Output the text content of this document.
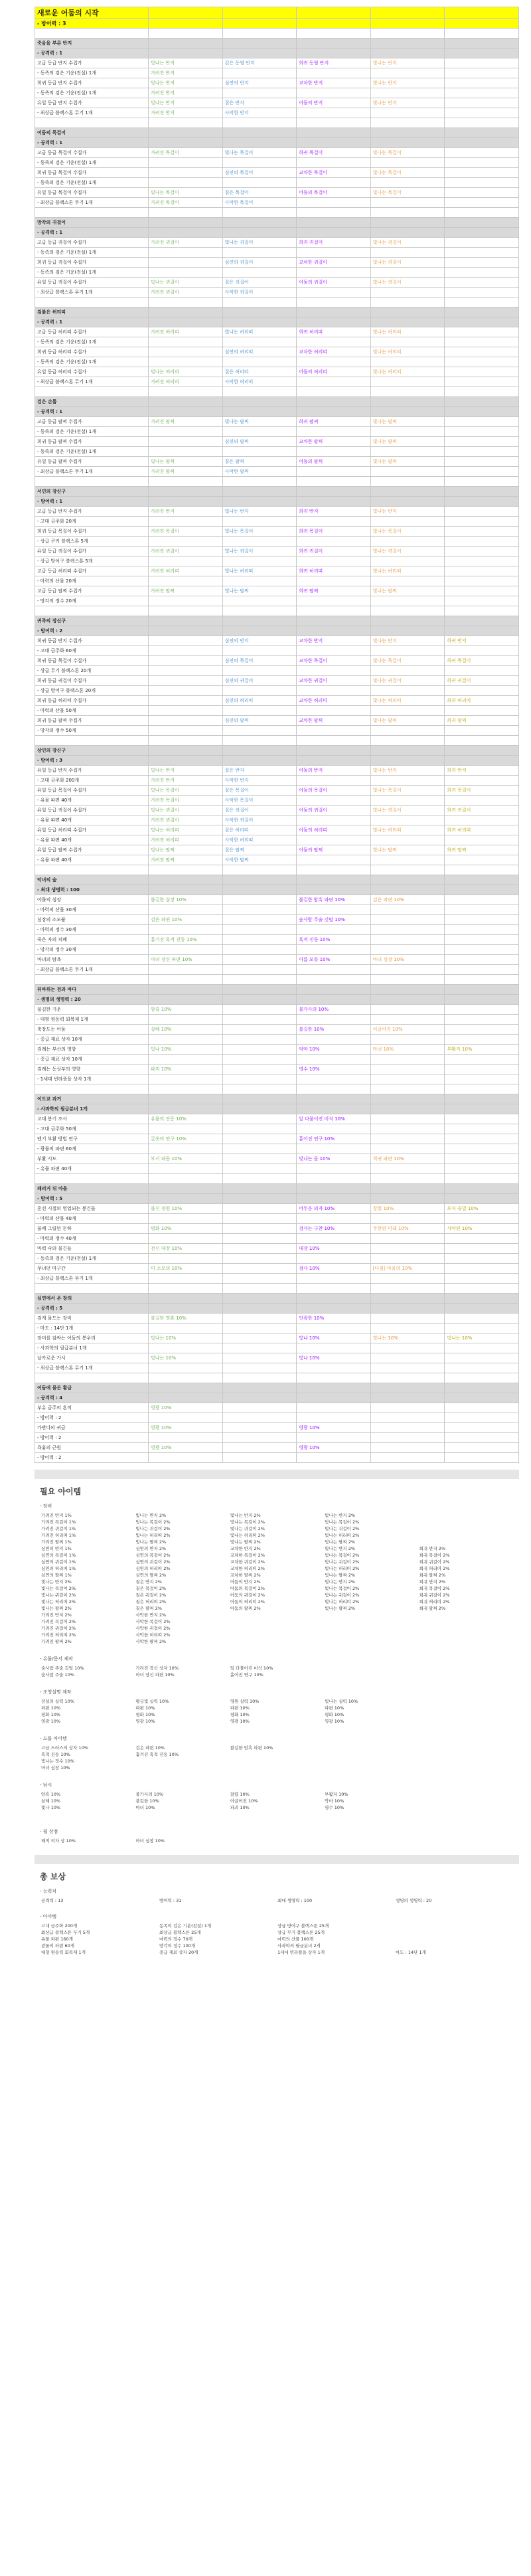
새로운 어둠의 시작					
- 방어력 : 3					

죽음을 부른 반지					
- 공격력 : 1					
고급 등급 반지 수집가	빛나는 반지	깊은 동혈 반지	희귀 동혈 반지	빛나는 반지	
- 동족의 검은 기운(전설) 1개	가려진 반지				
희귀 등급 반지 수집가	빛나는 반지	심연의 반지	교차한 반지	빛나는 반지	
- 동족의 검은 기운(전설) 1개	가려진 반지				
유일 등급 반지 수집가	빛나는 반지	짙은 반지	어둠의 반지	빛나는 반지	
- 최상급 블랙스톤 무기 1개	가려진 반지	사악한 반지			

어둠의 목걸이					
- 공격력 : 1					
고급 등급 목걸이 수집가	가려진 목걸이	빛나는 목걸이	희귀 목걸이	빛나는 목걸이	
- 동족의 검은 기운(전설) 1개					
희귀 등급 목걸이 수집가		심연의 목걸이	교차한 목걸이	빛나는 목걸이	
- 동족의 검은 기운(전설) 1개					
유일 등급 목걸이 수집가	빛나는 목걸이	짙은 목걸이	어둠의 목걸이	빛나는 목걸이	
- 최상급 블랙스톤 무기 1개	가려진 목걸이	사악한 목걸이			

망각의 귀걸이					
- 공격력 : 1					
고급 등급 귀걸이 수집가	가려진 귀걸이	빛나는 귀걸이	희귀 귀걸이	빛나는 귀걸이	
- 동족의 검은 기운(전설) 1개					
희귀 등급 귀걸이 수집가		심연의 귀걸이	교차한 귀걸이	빛나는 귀걸이	
- 동족의 검은 기운(전설) 1개					
유일 등급 귀걸이 수집가	빛나는 귀걸이	짙은 귀걸이	어둠의 귀걸이	빛나는 귀걸이	
- 최상급 블랙스톤 무기 1개	가려진 귀걸이	사악한 귀걸이			

검붉은 허리띠					
- 공격력 : 1					
고급 등급 허리띠 수집가	가려진 허리띠	빛나는 허리띠	희귀 허리띠	빛나는 허리띠	
- 동족의 검은 기운(전설) 1개					
희귀 등급 허리띠 수집가		심연의 허리띠	교차한 허리띠	빛나는 허리띠	
- 동족의 검은 기운(전설) 1개					
유일 등급 허리띠 수집가	빛나는 허리띠	짙은 허리띠	어둠의 허리띠	빛나는 허리띠	
- 최상급 블랙스톤 무기 1개	가려진 허리띠	사악한 허리띠			

검은 손톱					
- 공격력 : 1					
고급 등급 팔찌 수집가	가려진 팔찌	빛나는 팔찌	희귀 팔찌	빛나는 팔찌	
- 동족의 검은 기운(전설) 1개					
희귀 등급 팔찌 수집가		심연의 팔찌	교차한 팔찌	빛나는 팔찌	
- 동족의 검은 기운(전설) 1개					
유일 등급 팔찌 수집가	빛나는 팔찌	짙은 팔찌	어둠의 팔찌	빛나는 팔찌	
- 최상급 블랙스톤 무기 1개	가려진 팔찌	사악한 팔찌			

서민의 장신구					
- 방어력 : 1					
고급 등급 반지 수집가	가려진 반지	빛나는 반지	희귀 반지	빛나는 반지	
- 고대 금주화 20개					
희귀 등급 목걸이 수집가	가려진 목걸이	빛나는 목걸이	희귀 목걸이	빛나는 목걸이	
- 상급 쿠키 블랙스톤 5개					
유일 등급 귀걸이 수집가	가려진 귀걸이	빛나는 귀걸이	희귀 귀걸이	빛나는 귀걸이	
- 상급 방어구 블랙스톤 5개					
고급 등급 허리띠 수집가	가려진 허리띠	빛나는 허리띠	희귀 허리띠	빛나는 허리띠	
- 마력의 산물 20개					
고급 등급 팔찌 수집가	가려진 팔찌	빛나는 팔찌	희귀 팔찌	빛나는 팔찌	
- 망각의 정수 20개					

귀족의 장신구					
- 방어력 : 2					
희귀 등급 반지 수집가		심연의 반지	교차한 반지	빛나는 반지	희귀 반지
- 고대 금주화 60개					
희귀 등급 목걸이 수집가		심연의 목걸이	교차한 목걸이	빛나는 목걸이	희귀 목걸이
- 상급 무기 블랙스톤 20개					
희귀 등급 귀걸이 수집가		심연의 귀걸이	교차한 귀걸이	빛나는 귀걸이	희귀 귀걸이
- 상급 방어구 블랙스톤 20개					
희귀 등급 허리띠 수집가		심연의 허리띠	교차한 허리띠	빛나는 허리띠	희귀 허리띠
- 마력의 산물 50개					
희귀 등급 팔찌 수집가		심연의 팔찌	교차한 팔찌	빛나는 팔찌	희귀 팔찌
- 망각의 정수 50개					

상인의 장신구					
- 방어력 : 3					
유일 등급 반지 수집가	빛나는 반지	짙은 반지	어둠의 반지	빛나는 반지	희귀 반지
- 고대 금주화 200개	가려진 반지	사악한 반지			
유일 등급 목걸이 수집가	빛나는 목걸이	짙은 목걸이	어둠의 목걸이	빛나는 목걸이	희귀 목걸이
- 유물 파편 40개	가려진 목걸이	사악한 목걸이			
유일 등급 귀걸이 수집가	빛나는 귀걸이	짙은 귀걸이	어둠의 귀걸이	빛나는 귀걸이	희귀 귀걸이
- 유물 파편 40개	가려진 귀걸이	사악한 귀걸이			
유일 등급 허리띠 수집가	빛나는 허리띠	짙은 허리띠	어둠의 허리띠	빛나는 허리띠	희귀 허리띠
- 유물 파편 40개	가려진 허리띠	사악한 허리띠			
유일 등급 팔찌 수집가	빛나는 팔찌	짙은 팔찌	어둠의 팔찌	빛나는 팔찌	희귀 팔찌
- 유물 파편 40개	가려진 팔찌	사악한 팔찌			

악녀의 숲					
- 최대 생명력 : 100					
야톨의 심장	불길한 심장 10%		불길한 암흑 파편 10%	검은 파편 10%	
- 마력의 산물 30개					
심장의 소모품	검은 파편 10%		숲사람 주술 깃털 10%		
- 마력의 정수 30개					
죽은 자의 피폐	흩겨진 혹적 진동 10%		혹적 진동 10%		
- 망각의 정수 30개					
마녀의 탐욕	마녀 장신 파편 10%		이름 모를 10%	마녀 심장 10%	
- 최상급 블랙스톤 무기 1개					

뒤바뀌는 검과 바다					
- 생명의 생명력 : 20					
불길한 기운	암흑 10%		불가사의 10%		
- 대형 원동력 회복제 1개					
축장도는 어둠	살해 10%		불길한 10%	이글어진 10%	
- 중급 재료 상자 10개					
검례는 부산의 영향	빛나 10%		악마 10%	마녀 10%	부활지 10%
- 중급 재료 상자 10개					
검례는 동상부의 영향	파괴 10%		영수 10%		
- 1세대 빈라플을 상자 1개					

이도교 과거					
- 사과학의 필급분녀 1개					
고대 봉기 조사	유물의 진동 10%		잎 다물어진 비석 10%		
- 고대 금주화 50개					
엔기 부활 방법 연구	굴옷의 연구 10%		흩어진 연구 10%		
- 광물의 파편 60개					
부활 시도	부서 파동 10%		빛나는 돌 10%	희귀 파편 10%	
- 유물 파편 40개					

패러거 뒤 마을					
- 방어력 : 5					
혼선 시절의 영업되는 봉긴들	불신 정원 10%		어두운 의자 10%	잘렸 10%	포식 골밀 10%
- 마력의 산물 40개					
불쾌 그릴된 돈하	평화 10%		검사는 구찬 10%	무한된 미래 10%	사악된 10%
- 마력의 정수 40개					
마력 숙의 불긴들	전신 대장 10%		대장 10%		
- 동족의 검은 기운(전설) 1개					
무녀던 마구간	미 소모의 10%		검사 10%	[다짐] 마음의 10%	
- 최상급 블랙스톤 무기 1개					

심연에서 온 장의					
- 공격력 : 5					
검게 물드는 장미	불길한 영혼 10%		인광한 10%		
- 마도 : 14단 1개					
장미를 감싸는 어둠의 봉우리	빛나는 10%		빛나 10%	빛나는 10%	빛나는 10%
- 사과학의 필급분녀 1개					
날카로운 가시	빛나는 10%		빛나 10%		
- 최상급 블랙스톤 무기 1개					

어둠에 물든 황금					
- 공격력 : 4					
부유 금주의 흔적	영광 10%				
- 방어력 : 2					
가반다의 귀금	영광 10%		영광 10%		
- 방어력 : 2					
욕흉의 근원	영광 10%		영광 10%		
- 방어력 : 2					
필요 아이템
- 장비
가려진 반지 1%	빛나는 반지 2%	빛나는 반지 2%	빛나는 반지 2%	
가려진 목걸이 1%	빛나는 목걸이 2%	빛나는 목걸이 2%	빛나는 목걸이 2%	
가려진 귀걸이 1%	빛나는 귀걸이 2%	빛나는 귀걸이 2%	빛나는 귀걸이 2%	
가려진 허리띠 1%	빛나는 허리띠 2%	빛나는 허리띠 2%	빛나는 허리띠 2%	
가려진 팔찌 1%	빛나는 팔찌 2%	빛나는 팔찌 2%	빛나는 팔찌 2%	
심연의 반지 1%	심연의 반지 2%	교차한 반지 2%	빛나는 반지 2%	희귀 반지 2%
심연의 목걸이 1%	심연의 목걸이 2%	교차한 목걸이 2%	빛나는 목걸이 2%	희귀 목걸이 2%
심연의 귀걸이 1%	심연의 귀걸이 2%	교차한 귀걸이 2%	빛나는 귀걸이 2%	희귀 귀걸이 2%
심연의 허리띠 1%	심연의 허리띠 2%	교차한 허리띠 2%	빛나는 허리띠 2%	희귀 허리띠 2%
심연의 팔찌 1%	심연의 팔찌 2%	교차한 팔찌 2%	빛나는 팔찌 2%	희귀 팔찌 2%
빛나는 반지 2%	짙은 반지 2%	어둠의 반지 2%	빛나는 반지 2%	희귀 반지 2%
빛나는 목걸이 2%	짙은 목걸이 2%	어둠의 목걸이 2%	빛나는 목걸이 2%	희귀 목걸이 2%
빛나는 귀걸이 2%	짙은 귀걸이 2%	어둠의 귀걸이 2%	빛나는 귀걸이 2%	희귀 귀걸이 2%
빛나는 허리띠 2%	짙은 허리띠 2%	어둠의 허리띠 2%	빛나는 허리띠 2%	희귀 허리띠 2%
빛나는 팔찌 2%	짙은 팔찌 2%	어둠의 팔찌 2%	빛나는 팔찌 2%	희귀 팔찌 2%
가려진 반지 2%	사악한 반지 2%			
가려진 목걸이 2%	사악한 목걸이 2%			
가려진 귀걸이 2%	사악한 귀걸이 2%			
가려진 허리띠 2%	사악한 허리띠 2%			
가려진 팔찌 2%	사악한 팔찌 2%			
- 유물/문서 제작
숲사람 주술 깃털 10%	가려진 장신 상자 10%	잎 다물어진 비석 10%		
숲사람 주술 10%	마녀 장신 파편 10%	흩어진 연구 10%		
- 조영설명 제작
전설의 실력 10%	황금빛 실력 10%	영원 실력 10%	빛나는 실력 10%	
파편 10%	파편 10%	파편 10%	파편 10%	
평화 10%	평화 10%	평화 10%	평화 10%	
영광 10%	영광 10%	영광 10%	영광 10%	
- 드롭 아이템
고급 드라스의 상자 10%	검은 파편 10%	불길한 암흑 파편 10%		
흑적 진동 10%	흩겨진 혹적 진동 10%			
빛나는 정수 10%				
마녀 심장 10%				
- 낚시
암흑 10%	불가사의 10%	잘렸 10%	부활지 10%	
살해 10%	불길한 10%	이글어진 10%	악마 10%	
빛나 10%	마녀 10%	파괴 10%	영수 10%	

- 월 상점
해적 의자 상 10%	마녀 심장 10%			
총 보상
- 능력치
공격력 : 13	방어력 : 31	최대 생명력 : 100	생명의 생명력 : 20
- 아이템
고대 금주화 200개	동족의 검은 기운(전설) 1개	상급 방어구 블랙스톤 25개	
최상급 블랙스톤 무기 5개	최상급 블랙스톤 25개	상급 무기 블랙스톤 25개	
유물 파편 160개	마력의 정수 70개	마력의 산물 100개	
광물의 파편 60개	망각의 정수 100개	사과학의 필급분녀 2개	
대형 원동력 회복제 1개	중급 재료 상자 20개	1세대 빈라플을 상자 1개	마도 : 14단 1개
